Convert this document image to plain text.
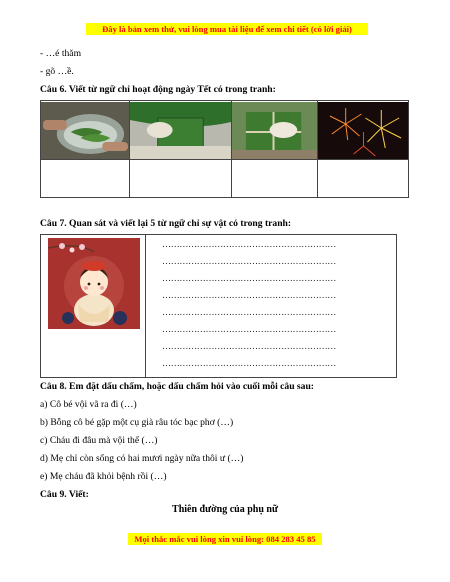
Đây là bản xem thử, vui lòng mua tài liệu để xem chi tiết (có lời giải)
- …é thăm
- gõ …ề.
Câu 6. Viết từ ngữ chỉ hoạt động ngày Tết có trong tranh:

Câu 7. Quan sát và viết lại 5 từ ngữ chỉ sự vật có trong tranh:
……………………………………………………
……………………………………………………
……………………………………………………
……………………………………………………
……………………………………………………
……………………………………………………
……………………………………………………
……………………………………………………
Câu 8. Em đặt dấu chấm, hoặc dấu chấm hỏi vào cuối mỗi câu sau:
a) Cô bé vội vã ra đi (…)
b) Bỗng cô bé gặp một cụ già râu tóc bạc phơ (…)
c) Cháu đi đâu mà vội thế (…)
d) Mẹ chỉ còn sống có hai mươi ngày nữa thôi ư (…)
e) Mẹ cháu đã khỏi bệnh rồi (…)
Câu 9. Viết:
Thiên đường của phụ nữ
Mọi thắc mắc vui lòng xin vui lòng: 084 283 45 85
